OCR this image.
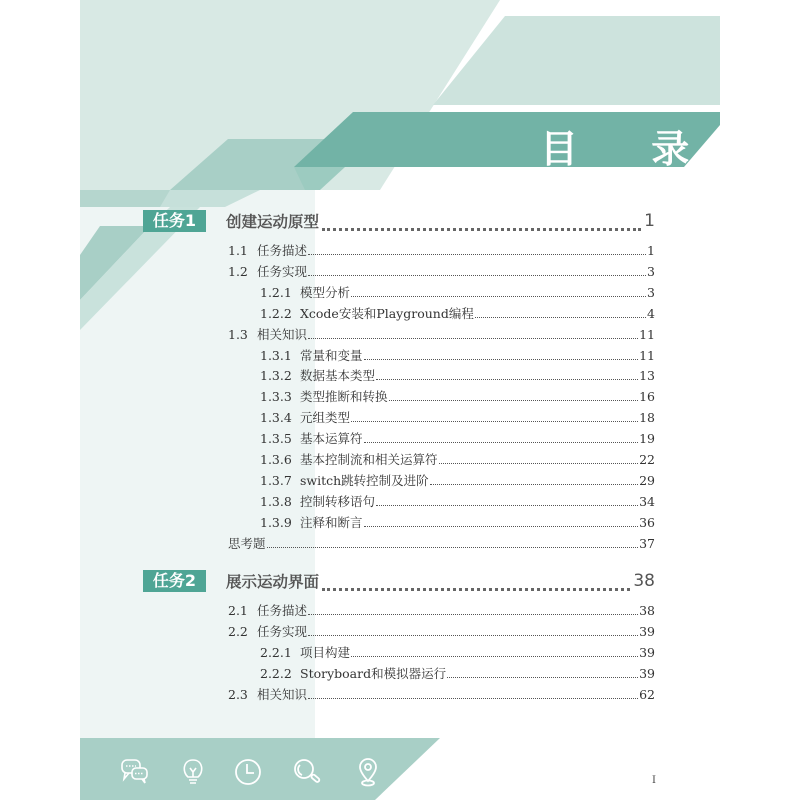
目 录
任务1	创建运动原型	1
1.1 任务描述	1
1.2 任务实现	3
1.2.1 模型分析	3
1.2.2 Xcode安装和Playground编程	4
1.3 相关知识	11
1.3.1 常量和变量	11
1.3.2 数据基本类型	13
1.3.3 类型推断和转换	16
1.3.4 元组类型	18
1.3.5 基本运算符	19
1.3.6 基本控制流和相关运算符	22
1.3.7 switch跳转控制及进阶	29
1.3.8 控制转移语句	34
1.3.9 注释和断言	36
思考题	37
任务2	展示运动界面	38
2.1 任务描述	38
2.2 任务实现	39
2.2.1 项目构建	39
2.2.2 Storyboard和模拟器运行	39
2.3 相关知识	62
I
